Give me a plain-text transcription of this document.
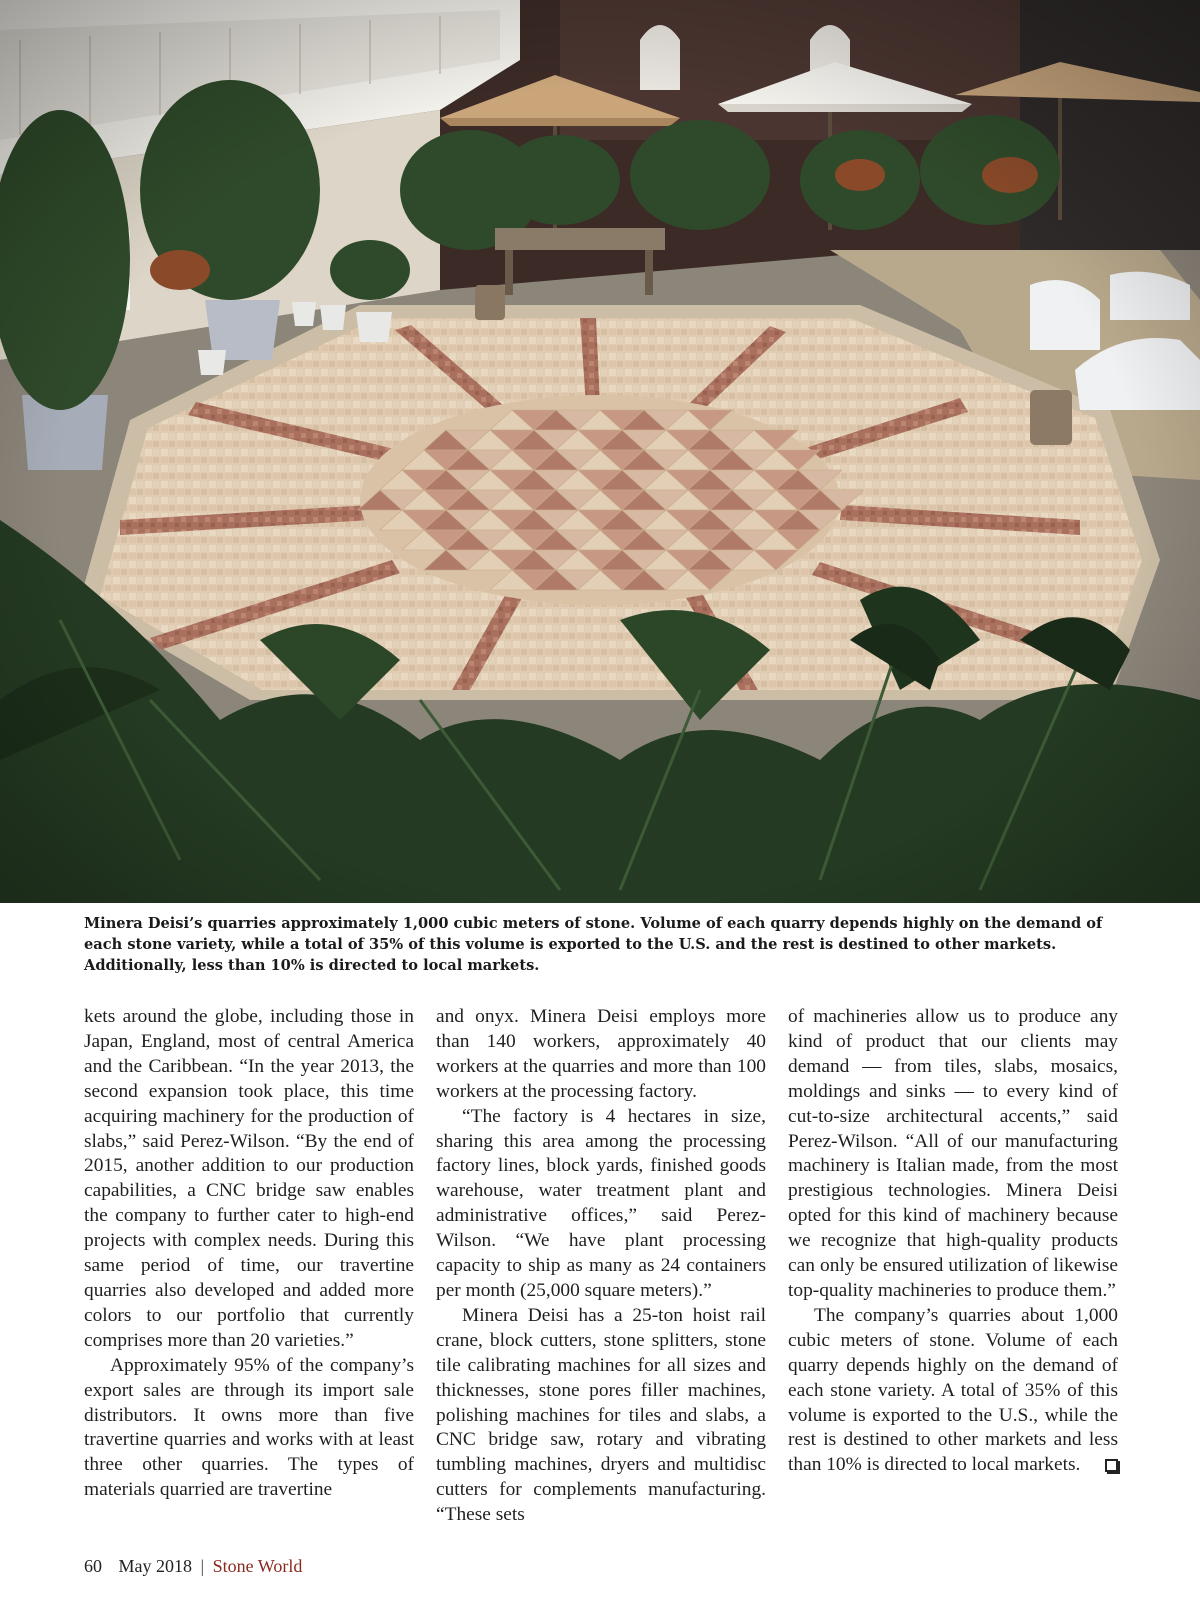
Minera Deisi’s quarries approximately 1,000 cubic meters of stone. Volume of each quarry depends highly on the demand of each stone variety, while a total of 35% of this volume is exported to the U.S. and the rest is destined to other markets. Additionally, less than 10% is directed to local markets.

kets around the globe, including those in Japan, England, most of central America and the Caribbean. “In the year 2013, the second expansion took place, this time acquiring machinery for the production of slabs,” said Perez-Wilson. “By the end of 2015, another addition to our production capabilities, a CNC bridge saw enables the company to further cater to high-end projects with complex needs. During this same period of time, our travertine quarries also developed and added more colors to our portfolio that currently comprises more than 20 varieties.”

Approximately 95% of the company’s export sales are through its import sale distributors. It owns more than five travertine quarries and works with at least three other quarries. The types of materials quarried are travertine

and onyx. Minera Deisi employs more than 140 workers, approximately 40 workers at the quarries and more than 100 workers at the processing factory.

“The factory is 4 hectares in size, sharing this area among the processing factory lines, block yards, finished goods warehouse, water treatment plant and administrative offices,” said Perez-Wilson. “We have plant processing capacity to ship as many as 24 containers per month (25,000 square meters).”

Minera Deisi has a 25-ton hoist rail crane, block cutters, stone splitters, stone tile calibrating machines for all sizes and thicknesses, stone pores filler machines, polishing machines for tiles and slabs, a CNC bridge saw, rotary and vibrating tumbling machines, dryers and multidisc cutters for complements manufacturing. “These sets

of machineries allow us to produce any kind of product that our clients may demand — from tiles, slabs, mosaics, moldings and sinks — to every kind of cut-to-size architectural accents,” said Perez-Wilson. “All of our manufacturing machinery is Italian made, from the most prestigious technologies. Minera Deisi opted for this kind of machinery because we recognize that high-quality products can only be ensured utilization of likewise top-quality machineries to produce them.”

The company’s quarries about 1,000 cubic meters of stone. Volume of each quarry depends highly on the demand of each stone variety. A total of 35% of this volume is exported to the U.S., while the rest is destined to other markets and less than 10% is directed to local markets.

60 May 2018 | Stone World
